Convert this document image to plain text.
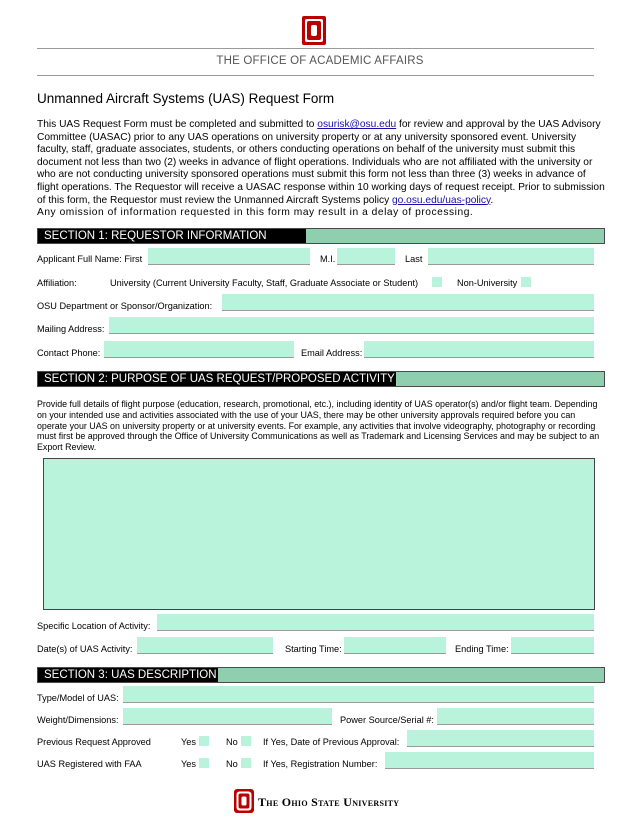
THE OFFICE OF ACADEMIC AFFAIRS
Unmanned Aircraft Systems (UAS) Request Form
This UAS Request Form must be completed and submitted to osurisk@osu.edu for review and approval by the UAS Advisory Committee (UASAC) prior to any UAS operations on university property or at any university sponsored event. University faculty, staff, graduate associates, students, or others conducting operations on behalf of the university must submit this document not less than two (2) weeks in advance of flight operations. Individuals who are not affiliated with the university or who are not conducting university sponsored operations must submit this form not less than three (3) weeks in advance of flight operations. The Requestor will receive a UASAC response within 10 working days of request receipt. Prior to submission of this form, the Requestor must review the Unmanned Aircraft Systems policy go.osu.edu/uas-policy.
Any omission of information requested in this form may result in a delay of processing.
SECTION 1: REQUESTOR INFORMATION
Applicant Full Name: First	M.I.	Last
Affiliation:	University (Current University Faculty, Staff, Graduate Associate or Student)	Non-University
OSU Department or Sponsor/Organization:
Mailing Address:
Contact Phone:	Email Address:
SECTION 2: PURPOSE OF UAS REQUEST/PROPOSED ACTIVITY
Provide full details of flight purpose (education, research, promotional, etc.), including identity of UAS operator(s) and/or flight team. Depending on your intended use and activities associated with the use of your UAS, there may be other university approvals required before you can operate your UAS on university property or at university events. For example, any activities that involve videography, photography or recording must first be approved through the Office of University Communications as well as Trademark and Licensing Services and may be subject to an Export Review.
Specific Location of Activity:
Date(s) of UAS Activity:	Starting Time:	Ending Time:
SECTION 3: UAS DESCRIPTION
Type/Model of UAS:
Weight/Dimensions:	Power Source/Serial #:
Previous Request Approved	Yes	No	If Yes, Date of Previous Approval:
UAS Registered with FAA	Yes	No	If Yes, Registration Number:
The Ohio State University
